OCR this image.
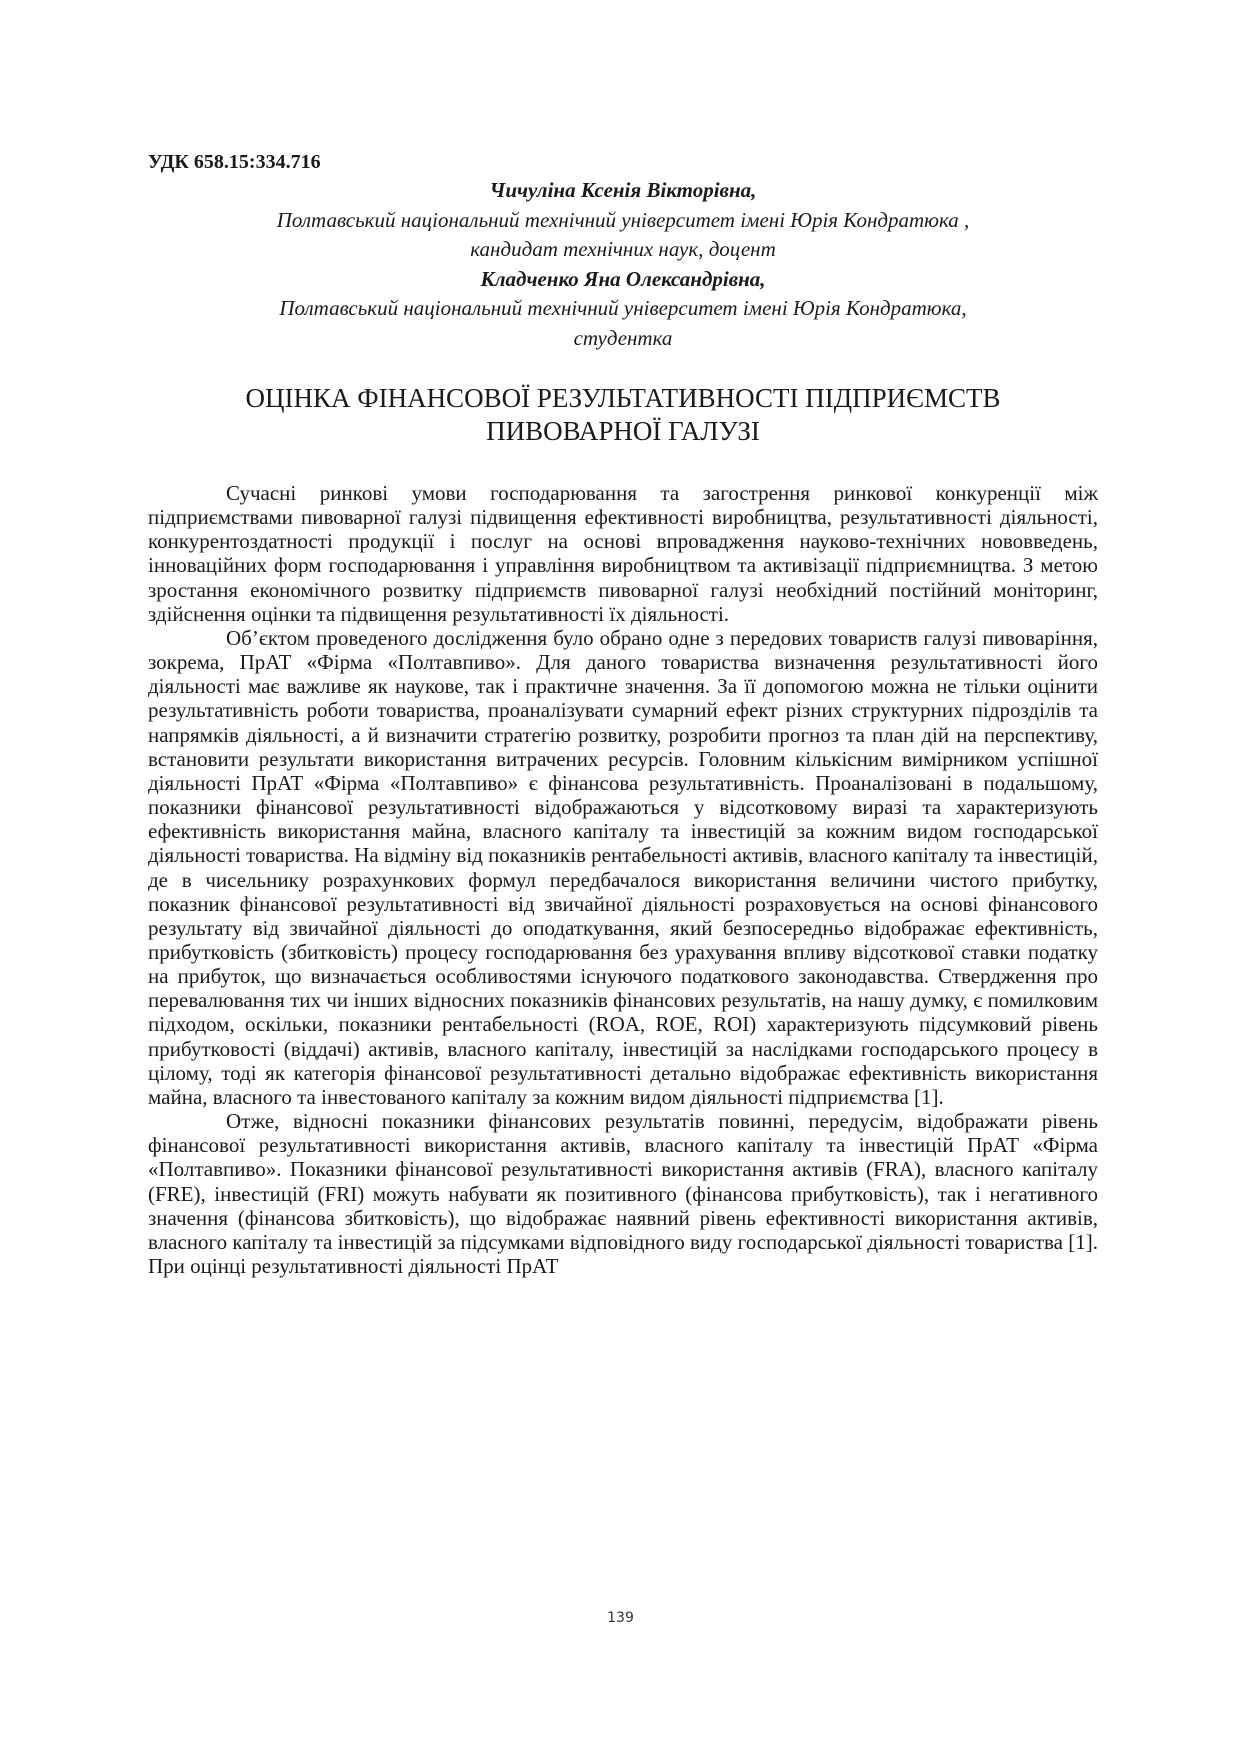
УДК 658.15:334.716

Чичуліна Ксенія Вікторівна,
Полтавський національний технічний університет імені Юрія Кондратюка ,
кандидат технічних наук, доцент
Кладченко Яна Олександрівна,
Полтавський національний технічний університет імені Юрія Кондратюка,
студентка
ОЦІНКА ФІНАНСОВОЇ РЕЗУЛЬТАТИВНОСТІ ПІДПРИЄМСТВ
ПИВОВАРНОЇ ГАЛУЗІ

Сучасні ринкові умови господарювання та загострення ринкової конкуренції між підприємствами пивоварної галузі підвищення ефективності виробництва, результативності діяльності, конкурентоздатності продукції і послуг на основі впровадження науково-технічних нововведень, інноваційних форм господарювання і управління виробництвом та активізації підприємництва. З метою зростання економічного розвитку підприємств пивоварної галузі необхідний постійний моніторинг, здійснення оцінки та підвищення результативності їх діяльності.

Об’єктом проведеного дослідження було обрано одне з передових товариств галузі пивоваріння, зокрема, ПрАТ «Фірма «Полтавпиво». Для даного товариства визначення результативності його діяльності має важливе як наукове, так і практичне значення. За її допомогою можна не тільки оцінити результативність роботи товариства, проаналізувати сумарний ефект різних структурних підрозділів та напрямків діяльності, а й визначити стратегію розвитку, розробити прогноз та план дій на перспективу, встановити результати використання витрачених ресурсів. Головним кількісним вимірником успішної діяльності ПрАТ «Фірма «Полтавпиво» є фінансова результативність. Проаналізовані в подальшому, показники фінансової результативності відображаються у відсотковому виразі та характеризують ефективність використання майна, власного капіталу та інвестицій за кожним видом господарської діяльності товариства. На відміну від показників рентабельності активів, власного капіталу та інвестицій, де в чисельнику розрахункових формул передбачалося використання величини чистого прибутку, показник фінансової результативності від звичайної діяльності розраховується на основі фінансового результату від звичайної діяльності до оподаткування, який безпосередньо відображає ефективність, прибутковість (збитковість) процесу господарювання без урахування впливу відсоткової ставки податку на прибуток, що визначається особливостями існуючого податкового законодавства. Ствердження про перевалювання тих чи інших відносних показників фінансових результатів, на нашу думку, є помилковим підходом, оскільки, показники рентабельності (ROA, ROE, ROI) характеризують підсумковий рівень прибутковості (віддачі) активів, власного капіталу, інвестицій за наслідками господарського процесу в цілому, тоді як категорія фінансової результативності детально відображає ефективність використання майна, власного та інвестованого капіталу за кожним видом діяльності підприємства [1].

Отже, відносні показники фінансових результатів повинні, передусім, відображати рівень фінансової результативності використання активів, власного капіталу та інвестицій ПрАТ «Фірма «Полтавпиво». Показники фінансової результативності використання активів (FRA), власного капіталу (FRE), інвестицій (FRI) можуть набувати як позитивного (фінансова прибутковість), так і негативного значення (фінансова збитковість), що відображає наявний рівень ефективності використання активів, власного капіталу та інвестицій за підсумками відповідного виду господарської діяльності товариства [1]. При оцінці результативності діяльності ПрАТ

139
